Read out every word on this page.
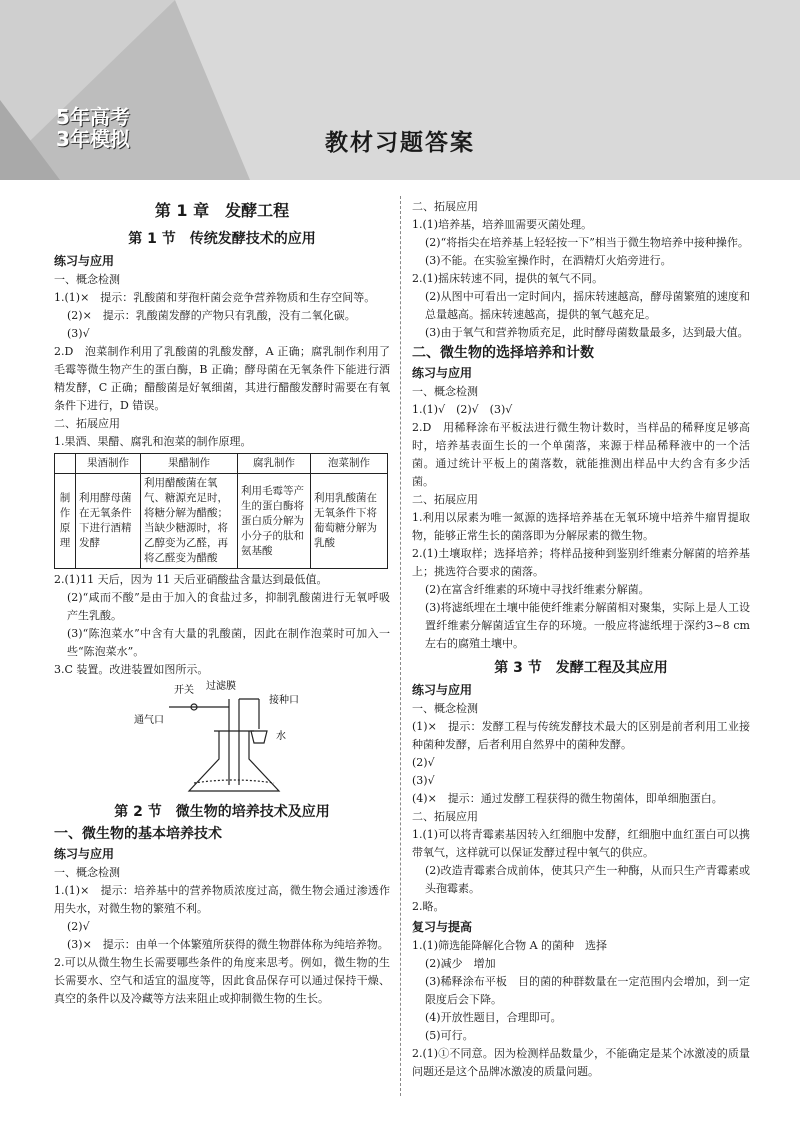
5年高考
3年模拟	教材习题答案
第 1 章　发酵工程
第 1 节　传统发酵技术的应用
练习与应用

一、概念检测

1.(1)×　提示：乳酸菌和芽孢杆菌会竞争营养物质和生存空间等。

(2)×　提示：乳酸菌发酵的产物只有乳酸，没有二氧化碳。

(3)√

2.D　泡菜制作利用了乳酸菌的乳酸发酵，A 正确；腐乳制作利用了毛霉等微生物产生的蛋白酶，B 正确；酵母菌在无氧条件下能进行酒精发酵，C 正确；醋酸菌是好氧细菌，其进行醋酸发酵时需要在有氧条件下进行，D 错误。

二、拓展应用

1.果酒、果醋、腐乳和泡菜的制作原理。

	果酒制作	果醋制作	腐乳制作	泡菜制作
制作原理	利用酵母菌在无氧条件下进行酒精发酵	利用醋酸菌在氧气、糖源充足时，将糖分解为醋酸；当缺少糖源时，将乙醇变为乙醛，再将乙醛变为醋酸	利用毛霉等产生的蛋白酶将蛋白质分解为小分子的肽和氨基酸	利用乳酸菌在无氧条件下将葡萄糖分解为乳酸

2.(1)11 天后，因为 11 天后亚硝酸盐含量达到最低值。

(2)“咸而不酸”是由于加入的食盐过多，抑制乳酸菌进行无氧呼吸产生乳酸。

(3)“陈泡菜水”中含有大量的乳酸菌，因此在制作泡菜时可加入一些“陈泡菜水”。

3.C 装置。改进装置如图所示。

开关 过滤膜
接种口
通气口
水
第 2 节　微生物的培养技术及应用
一、微生物的基本培养技术
练习与应用

一、概念检测

1.(1)×　提示：培养基中的营养物质浓度过高，微生物会通过渗透作用失水，对微生物的繁殖不利。

(2)√

(3)×　提示：由单一个体繁殖所获得的微生物群体称为纯培养物。

2.可以从微生物生长需要哪些条件的角度来思考。例如，微生物的生长需要水、空气和适宜的温度等，因此食品保存可以通过保持干燥、真空的条件以及冷藏等方法来阻止或抑制微生物的生长。

二、拓展应用

1.(1)培养基，培养皿需要灭菌处理。

(2)“将指尖在培养基上轻轻按一下”相当于微生物培养中接种操作。

(3)不能。在实验室操作时，在酒精灯火焰旁进行。

2.(1)摇床转速不同，提供的氧气不同。

(2)从图中可看出一定时间内，摇床转速越高，酵母菌繁殖的速度和总量越高。摇床转速越高，提供的氧气越充足。

(3)由于氧气和营养物质充足，此时酵母菌数量最多，达到最大值。

二、微生物的选择培养和计数
练习与应用

一、概念检测

1.(1)√　(2)√　(3)√

2.D　用稀释涂布平板法进行微生物计数时，当样品的稀释度足够高时，培养基表面生长的一个单菌落，来源于样品稀释液中的一个活菌。通过统计平板上的菌落数，就能推测出样品中大约含有多少活菌。

二、拓展应用

1.利用以尿素为唯一氮源的选择培养基在无氧环境中培养牛瘤胃提取物，能够正常生长的菌落即为分解尿素的微生物。

2.(1)土壤取样；选择培养；将样品接种到鉴别纤维素分解菌的培养基上；挑选符合要求的菌落。

(2)在富含纤维素的环境中寻找纤维素分解菌。

(3)将滤纸埋在土壤中能使纤维素分解菌相对聚集，实际上是人工设置纤维素分解菌适宜生存的环境。一般应将滤纸埋于深约3~8 cm左右的腐殖土壤中。

第 3 节　发酵工程及其应用
练习与应用

一、概念检测

(1)×　提示：发酵工程与传统发酵技术最大的区别是前者利用工业接种菌种发酵，后者利用自然界中的菌种发酵。

(2)√

(3)√

(4)×　提示：通过发酵工程获得的微生物菌体，即单细胞蛋白。

二、拓展应用

1.(1)可以将青霉素基因转入红细胞中发酵，红细胞中血红蛋白可以携带氧气，这样就可以保证发酵过程中氧气的供应。

(2)改造青霉素合成前体，使其只产生一种酶，从而只生产青霉素或头孢霉素。

2.略。

复习与提高

1.(1)筛选能降解化合物 A 的菌种　选择

(2)减少　增加

(3)稀释涂布平板　目的菌的种群数量在一定范围内会增加，到一定限度后会下降。

(4)开放性题目，合理即可。

(5)可行。

2.(1)①不同意。因为检测样品数量少，不能确定是某个冰激凌的质量问题还是这个品牌冰激凌的质量问题。
